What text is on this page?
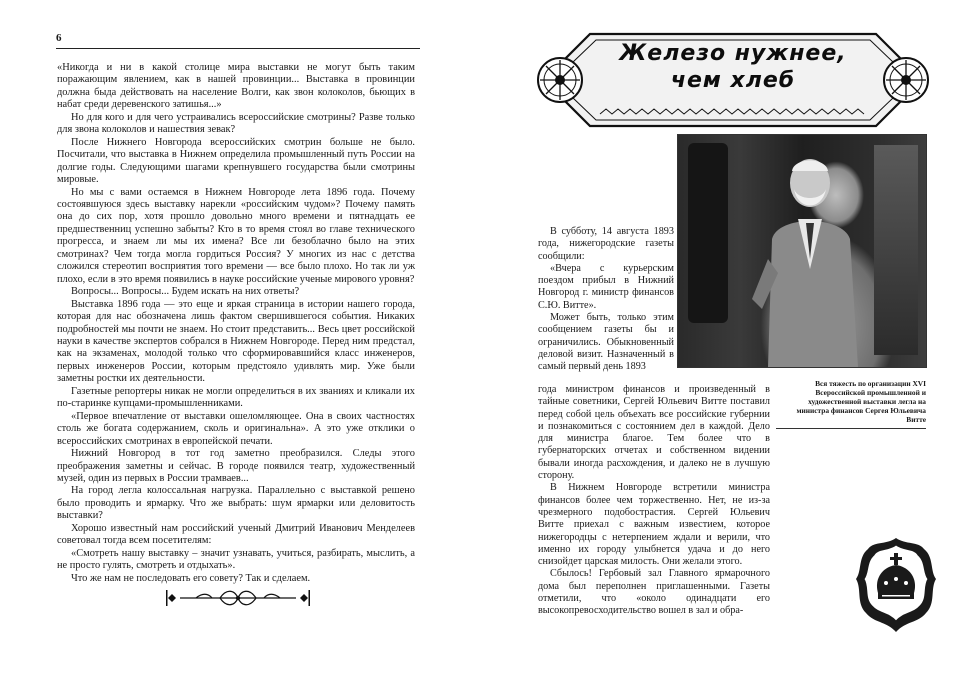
6

«Никогда и ни в какой столице мира выставки не могут быть таким поражающим явлением, как в нашей провинции... Выставка в провинции должна быда действовать на население Волги, как звон колоколов, бьющих в набат среди деревенского затишья...»

Но для кого и для чего устраивались всероссийские смотрины? Разве только для звона колоколов и нашествия зевак?

После Нижнего Новгорода всероссийских смотрин больше не было. Посчитали, что выставка в Нижнем определила промышленный путь России на долгие годы. Следующими шагами крепнувшего государства были смотрины мировые.

Но мы с вами остаемся в Нижнем Новгороде лета 1896 года. Почему состоявшуюся здесь выставку нарекли «российским чудом»? Почему память она до сих пор, хотя прошло довольно много времени и пятнадцать ее предшественниц успешно забыты? Кто в то время стоял во главе технического прогресса, и знаем ли мы их имена? Все ли безоблачно было на этих смотринах? Чем тогда могла гордиться Россия? У многих из нас с детства сложился стереотип восприятия того времени — все было плохо. Но так ли уж плохо, если в это время появились в науке российские ученые мирового уровня?

Вопросы... Вопросы... Будем искать на них ответы?

Выставка 1896 года — это еще и яркая страница в истории нашего города, которая для нас обозначена лишь фактом свершившегося события. Никаких подробностей мы почти не знаем. Но стоит представить... Весь цвет российской науки в качестве экспертов собрался в Нижнем Новгороде. Перед ним предстал, как на экзаменах, молодой только что сформировавшийся класс инженеров, первых инженеров России, которым предстояло удивлять мир. Уже были заметны ростки их деятельности.

Газетные репортеры никак не могли определиться в их званиях и кликали их по-старинке купцами-промышленниками.

«Первое впечатление от выставки ошеломляющее. Она в своих частностях столь же богата содержанием, сколь и оригинальна». А это уже отклики о всероссийских смотринах в европейской печати.

Нижний Новгород в тот год заметно преобразился. Следы этого преображения заметны и сейчас. В городе появился театр, художественный музей, один из первых в России трамваев...

На город легла колоссальная нагрузка. Параллельно с выставкой решено было проводить и ярмарку. Что же выбрать: шум ярмарки или деловитость выставки?

Хорошо известный нам российский ученый Дмитрий Иванович Менделеев советовал тогда всем посетителям:

«Смотреть нашу выставку – значит узнавать, учиться, разбирать, мыслить, а не просто гулять, смотреть и отдыхать».

Что же нам не последовать его совету? Так и сделаем.

Железо нужнее,
чем хлеб
Вся тяжесть по организации XVI Всероссийской промышленной и художественной выставки легла на министра финансов Сергея Юльевича Витте

В субботу, 14 августа 1893 года, нижегородские газеты сообщили:

«Вчера с курьерским поездом прибыл в Нижний Новгород г. министр финансов С.Ю. Витте».

Может быть, только этим сообщением газеты бы и ограничились. Обыкновенный деловой визит. Назначенный в самый первый день 1893

года министром финансов и произведенный в тайные советники, Сергей Юльевич Витте поставил перед собой цель объехать все российские губернии и познакомиться с состоянием дел в каждой. Дело для министра благое. Тем более что в губернаторских отчетах и собственном видении бывали иногда расхождения, и далеко не в лучшую сторону.

В Нижнем Новгороде встретили министра финансов более чем торжественно. Нет, не из-за чрезмерного подобострастия. Сергей Юльевич Витте приехал с важным известием, которое нижегородцы с нетерпением ждали и верили, что именно их городу улыбнется удача и до него снизойдет царская милость. Они желали этого.

Сбылось! Гербовый зал Главного ярмарочного дома был переполнен приглашенными. Газеты отметили, что «около одинадцати его высокопревосходительство вошел в зал и обра-
